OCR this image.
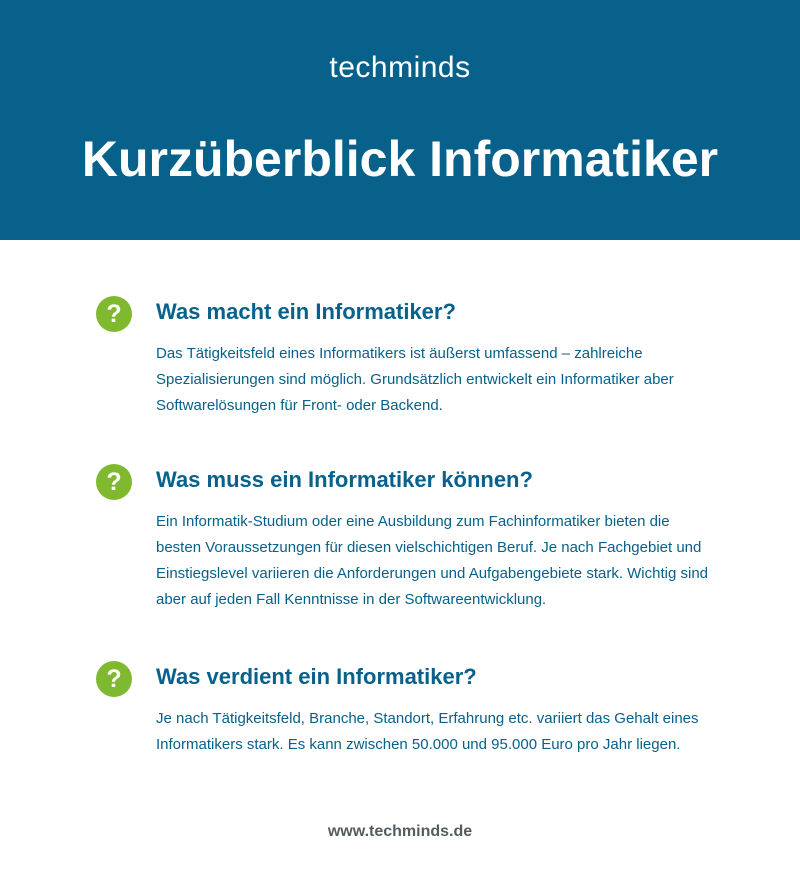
techminds
Kurzüberblick Informatiker
?	Was macht ein Informatiker?

Das Tätigkeitsfeld eines Informatikers ist äußerst umfassend – zahlreiche Spezialisierungen sind möglich. Grundsätzlich entwickelt ein Informatiker aber Softwarelösungen für Front- oder Backend.

?	Was muss ein Informatiker können?

Ein Informatik-Studium oder eine Ausbildung zum Fachinformatiker bieten die besten Voraussetzungen für diesen vielschichtigen Beruf. Je nach Fachgebiet und Einstiegslevel variieren die Anforderungen und Aufgabengebiete stark. Wichtig sind aber auf jeden Fall Kenntnisse in der Softwareentwicklung.

?	Was verdient ein Informatiker?

Je nach Tätigkeitsfeld, Branche, Standort, Erfahrung etc. variiert das Gehalt eines Informatikers stark. Es kann zwischen 50.000 und 95.000 Euro pro Jahr liegen.

www.techminds.de
